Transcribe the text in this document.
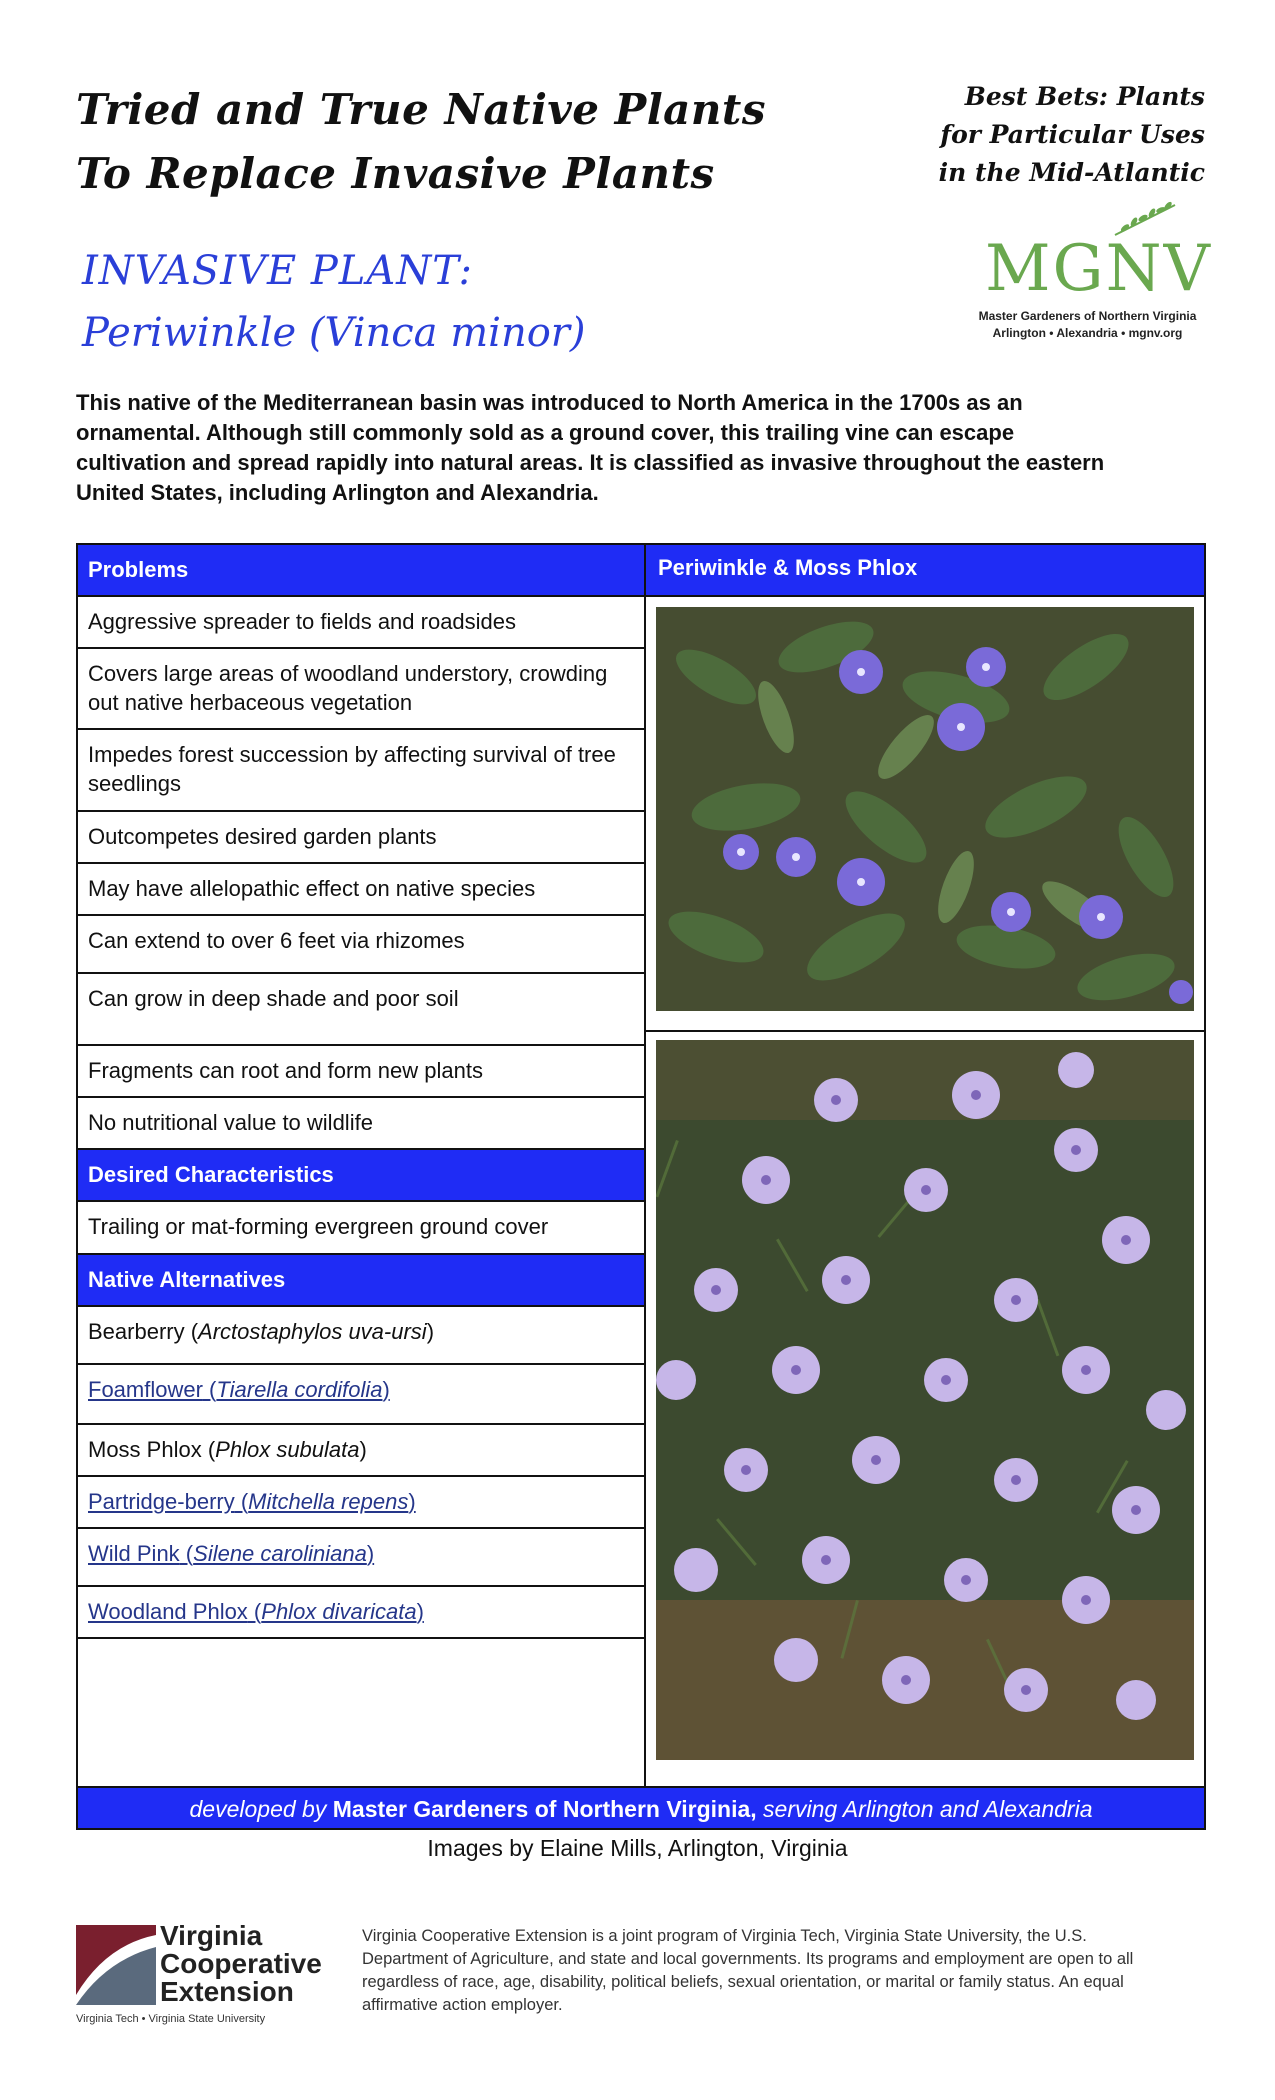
Tried and True Native Plants
To Replace Invasive Plants
Best Bets: Plants
for Particular Uses
in the Mid-Atlantic
INVASIVE PLANT:
Periwinkle (Vinca minor)
MGNV
Master Gardeners of Northern Virginia
Arlington • Alexandria • mgnv.org
This native of the Mediterranean basin was introduced to North America in the 1700s as an ornamental. Although still commonly sold as a ground cover, this trailing vine can escape cultivation and spread rapidly into natural areas. It is classified as invasive throughout the eastern United States, including Arlington and Alexandria.
Problems
Aggressive spreader to fields and roadsides
Covers large areas of woodland understory, crowding out native herbaceous vegetation
Impedes forest succession by affecting survival of tree seedlings
Outcompetes desired garden plants
May have allelopathic effect on native species
Can extend to over 6 feet via rhizomes
Can grow in deep shade and poor soil
Fragments can root and form new plants
No nutritional value to wildlife
Desired Characteristics
Trailing or mat-forming evergreen ground cover
Native Alternatives
Bearberry (Arctostaphylos uva-ursi)
Foamflower (Tiarella cordifolia)
Moss Phlox (Phlox subulata)
Partridge-berry (Mitchella repens)
Wild Pink (Silene caroliniana)
Woodland Phlox (Phlox divaricata)
Periwinkle & Moss Phlox
developed by Master Gardeners of Northern Virginia, serving Arlington and Alexandria
Images by Elaine Mills, Arlington, Virginia
Virginia
Cooperative
Extension
Virginia Tech • Virginia State University
Virginia Cooperative Extension is a joint program of Virginia Tech, Virginia State University, the U.S. Department of Agriculture, and state and local governments. Its programs and employment are open to all regardless of race, age, disability, political beliefs, sexual orientation, or marital or family status. An equal affirmative action employer.
